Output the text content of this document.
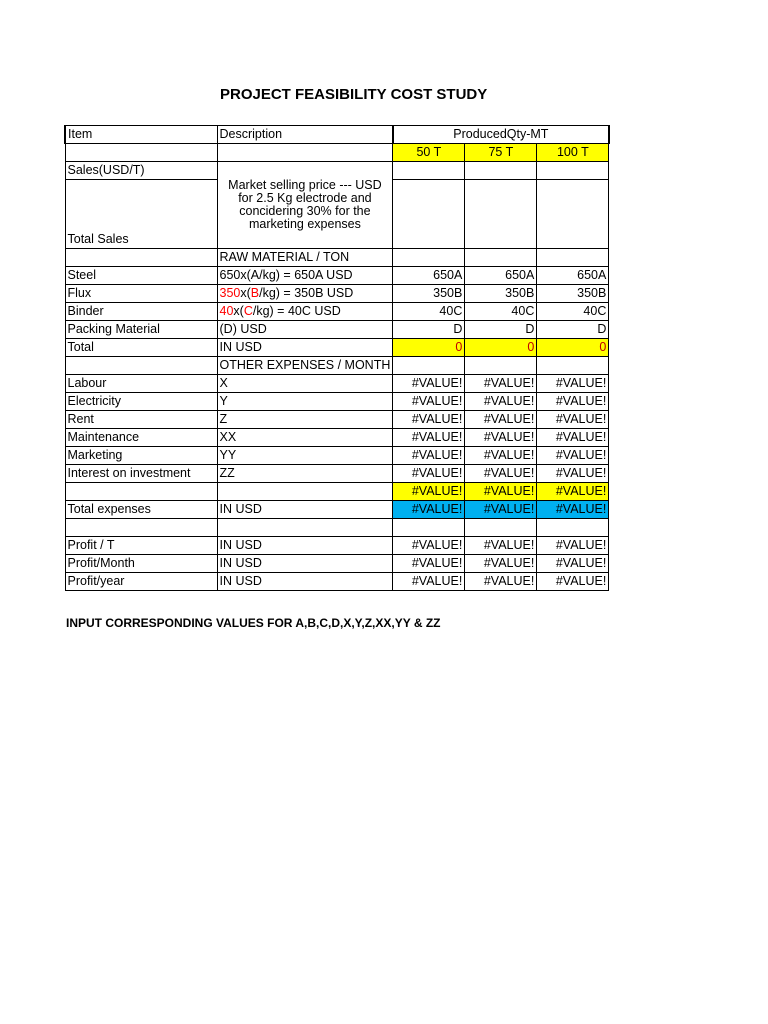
PROJECT FEASIBILITY COST STUDY
Item	Description	ProducedQty-MT		
		50 T	75 T	100 T
Sales(USD/T)	Market selling price --- USD for 2.5 Kg electrode and concidering 30% for the marketing expenses			
Total Sales				
	RAW MATERIAL / TON			
Steel	650x(A/kg) = 650A USD	650A	650A	650A
Flux	350x(B/kg) = 350B USD	350B	350B	350B
Binder	40x(C/kg) = 40C USD	40C	40C	40C
Packing Material	(D) USD	D	D	D
Total	IN USD	0	0	0
	OTHER EXPENSES / MONTH			
Labour	X	#VALUE!	#VALUE!	#VALUE!
Electricity	Y	#VALUE!	#VALUE!	#VALUE!
Rent	Z	#VALUE!	#VALUE!	#VALUE!
Maintenance	XX	#VALUE!	#VALUE!	#VALUE!
Marketing	YY	#VALUE!	#VALUE!	#VALUE!
Interest on investment	ZZ	#VALUE!	#VALUE!	#VALUE!
		#VALUE!	#VALUE!	#VALUE!
Total expenses	IN USD	#VALUE!	#VALUE!	#VALUE!

Profit / T	IN USD	#VALUE!	#VALUE!	#VALUE!
Profit/Month	IN USD	#VALUE!	#VALUE!	#VALUE!
Profit/year	IN USD	#VALUE!	#VALUE!	#VALUE!
INPUT CORRESPONDING VALUES FOR A,B,C,D,X,Y,Z,XX,YY & ZZ
